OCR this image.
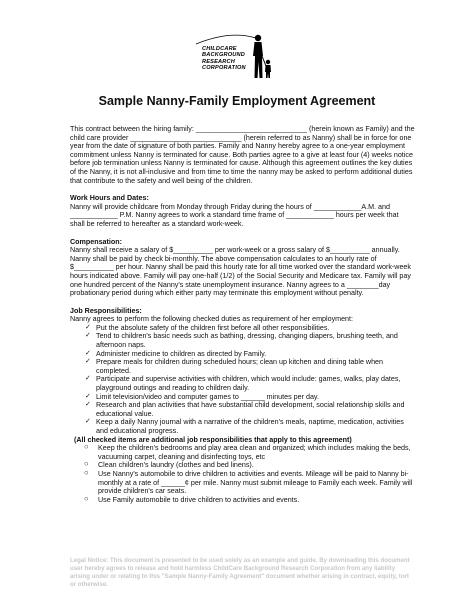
CHILDCARE
BACKGROUND
RESEARCH
CORPORATION
Sample Nanny-Family Employment Agreement

This contract between the hiring family: ____________________________ (herein known as Family) and the child care provider ____________________________ (herein referred to as Nanny) shall be in force for one year from the date of signature of both parties. Family and Nanny hereby agree to a one-year employment commitment unless Nanny is terminated for cause. Both parties agree to a give at least four (4) weeks notice before job termination unless Nanny is terminated for cause. Although this agreement outlines the key duties of the Nanny, it is not all-inclusive and from time to time the nanny may be asked to perform additional duties that contribute to the safety and well being of the children.

Work Hours and Dates:

Nanny will provide childcare from Monday through Friday during the hours of ____________A.M. and ____________ P.M. Nanny agrees to work a standard time frame of ____________ hours per week that shall be referred to hereafter as a standard work-week.

Compensation:

Nanny shall receive a salary of $__________ per work-week or a gross salary of $__________ annually. Nanny shall be paid by check bi-monthly. The above compensation calculates to an hourly rate of $__________ per hour. Nanny shall be paid this hourly rate for all time worked over the standard work-week hours indicated above. Family will pay one-half (1/2) of the Social Security and Medicare tax. Family will pay one hundred percent of the Nanny's state unemployment insurance. Nanny agrees to a ________day probationary period during which either party may terminate this employment without penalty.

Job Responsibilities:

Nanny agrees to perform the following checked duties as requirement of her employment:

✓ Put the absolute safety of the children first before all other responsibilities.
✓ Tend to children's basic needs such as bathing, dressing, changing diapers, brushing teeth, and afternoon naps.
✓ Administer medicine to children as directed by Family.
✓ Prepare meals for children during scheduled hours; clean up kitchen and dining table when completed.
✓ Participate and supervise activities with children, which would include: games, walks, play dates, playground outings and reading to children daily.
✓ Limit television/video and computer games to ______ minutes per day.
✓ Research and plan activities that have substantial child development, social relationship skills and educational value.
✓ Keep a daily Nanny journal with a narrative of the children's meals, naptime, medication, activities and educational progress.

(All checked items are additional job responsibilities that apply to this agreement)

○ Keep the children's bedrooms and play area clean and organized; which includes making the beds, vacuuming carpet, cleaning and disinfecting toys, etc
○ Clean children's laundry (clothes and bed linens).
○ Use Nanny's automobile to drive children to activities and events. Mileage will be paid to Nanny bi-monthly at a rate of ______¢ per mile. Nanny must submit mileage to Family each week. Family will provide children's car seats.
○ Use Family automobile to drive children to activities and events.
Legal Notice: This document is presented to be used solely as an example and guide. By downloading this document user hereby agrees to release and hold harmless ChildCare Background Research Corporation from any liability arising under or relating to this "Sample Nanny-Family Agreement" document whether arising in contract, equity, tort or otherwise.
